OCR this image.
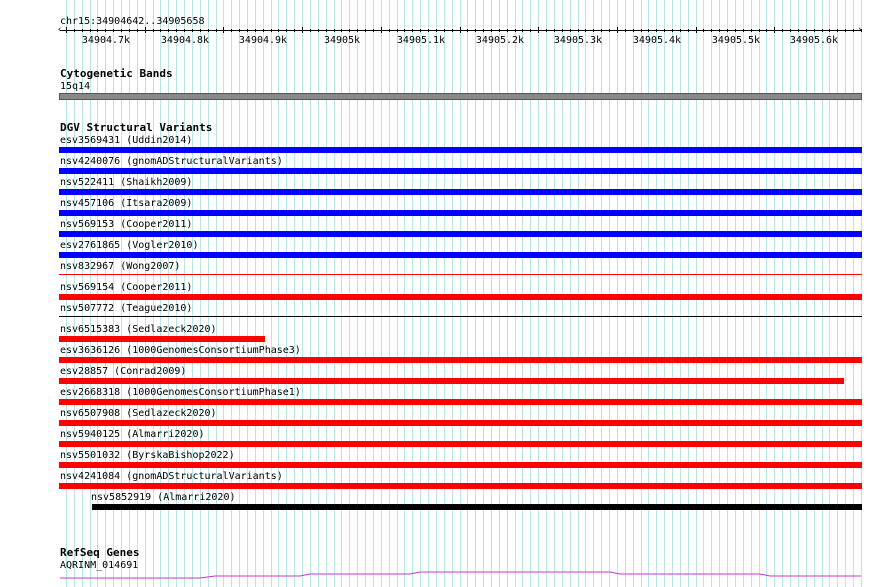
chr15:34904642..34905658
34904.7k	34904.8k	34904.9k	34905k	34905.1k	34905.2k	34905.3k	34905.4k	34905.5k	34905.6k
‹	›
Cytogenetic Bands
15q14
DGV Structural Variants
esv3569431 (Uddin2014)
nsv4240076 (gnomADStructuralVariants)
nsv522411 (Shaikh2009)
nsv457106 (Itsara2009)
nsv569153 (Cooper2011)
esv2761865 (Vogler2010)
nsv832967 (Wong2007)
nsv569154 (Cooper2011)
nsv507772 (Teague2010)
nsv6515383 (Sedlazeck2020)
esv3636126 (1000GenomesConsortiumPhase3)
esv28857 (Conrad2009)
esv2668318 (1000GenomesConsortiumPhase1)
nsv6507908 (Sedlazeck2020)
nsv5940125 (Almarri2020)
nsv5501032 (ByrskaBishop2022)
nsv4241084 (gnomADStructuralVariants)
nsv5852919 (Almarri2020)
RefSeq Genes
AQRINM_014691
